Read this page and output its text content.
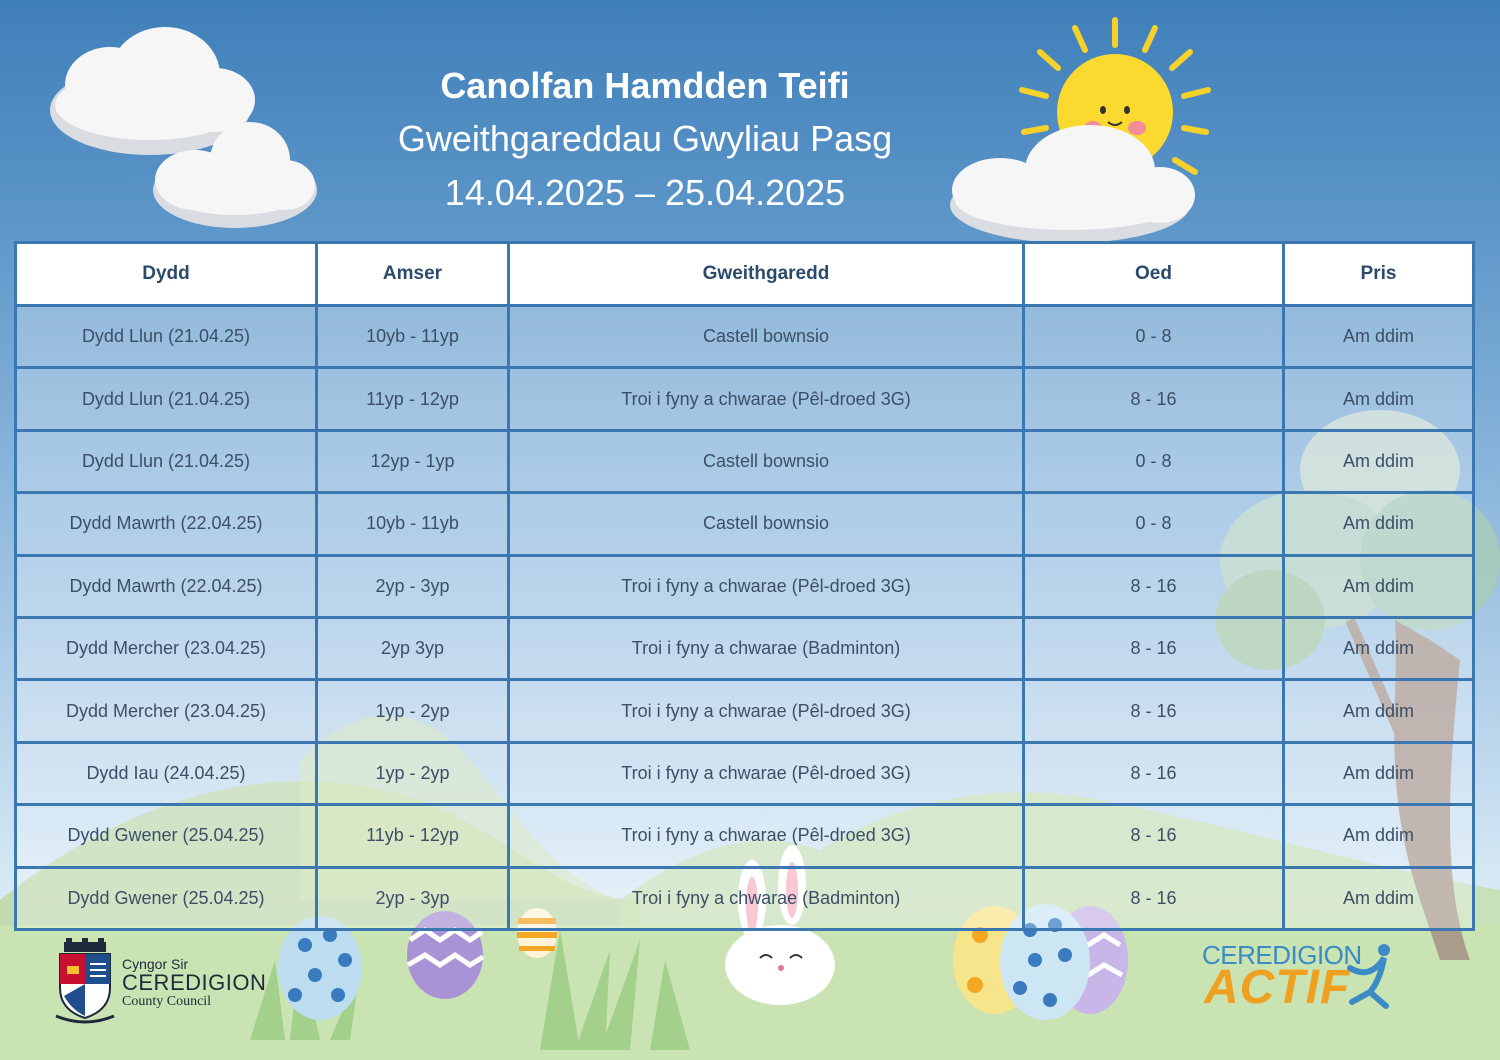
Canolfan Hamdden Teifi
Gweithgareddau Gwyliau Pasg
14.04.2025 – 25.04.2025
Dydd	Amser	Gweithgaredd	Oed	Pris
Dydd Llun (21.04.25)	10yb - 11yp	Castell bownsio	0 - 8	Am ddim
Dydd Llun (21.04.25)	11yp - 12yp	Troi i fyny a chwarae (Pêl-droed 3G)	8 - 16	Am ddim
Dydd Llun (21.04.25)	12yp - 1yp	Castell bownsio	0 - 8	Am ddim
Dydd Mawrth (22.04.25)	10yb - 11yb	Castell bownsio	0 - 8	Am ddim
Dydd Mawrth (22.04.25)	2yp - 3yp	Troi i fyny a chwarae (Pêl-droed 3G)	8 - 16	Am ddim
Dydd Mercher (23.04.25)	2yp 3yp	Troi i fyny a chwarae (Badminton)	8 - 16	Am ddim
Dydd Mercher (23.04.25)	1yp - 2yp	Troi i fyny a chwarae (Pêl-droed 3G)	8 - 16	Am ddim
Dydd Iau (24.04.25)	1yp - 2yp	Troi i fyny a chwarae (Pêl-droed 3G)	8 - 16	Am ddim
Dydd Gwener (25.04.25)	11yb - 12yp	Troi i fyny a chwarae (Pêl-droed 3G)	8 - 16	Am ddim
Dydd Gwener (25.04.25)	2yp - 3yp	Troi i fyny a chwarae (Badminton)	8 - 16	Am ddim
Cyngor Sir
CEREDIGION
County Council
CEREDIGION
ACTIF
